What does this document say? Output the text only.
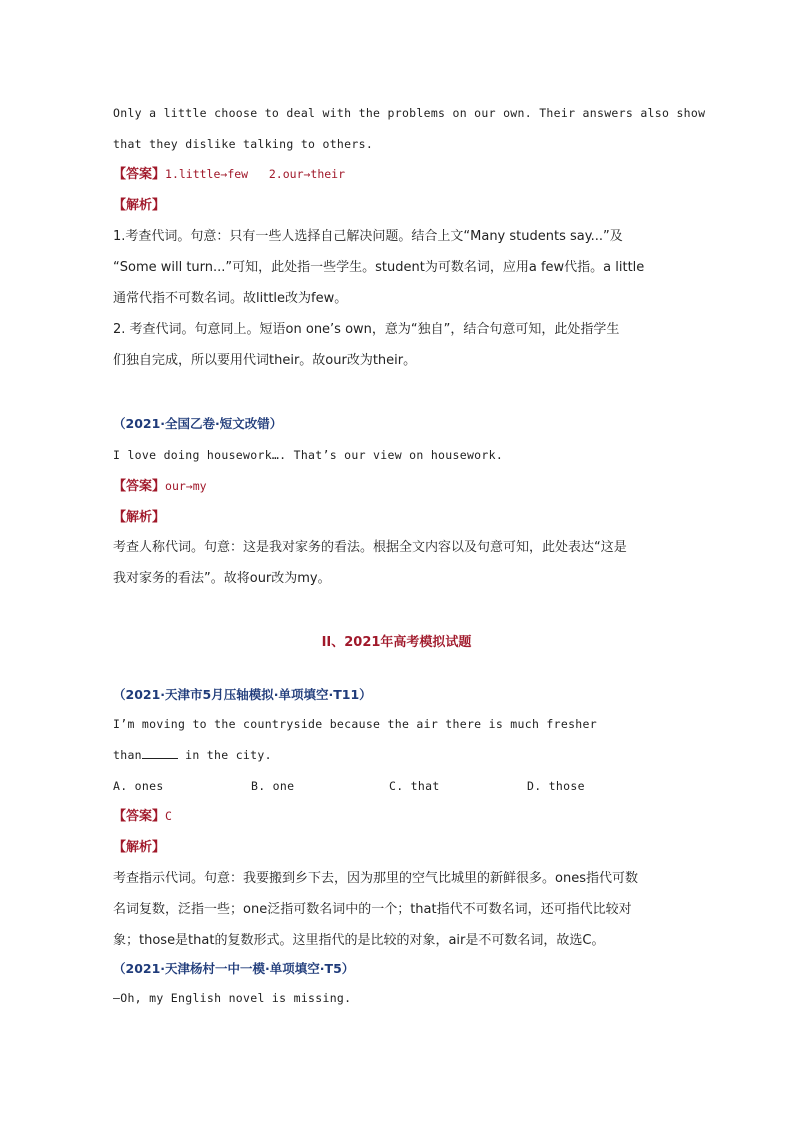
Only a little choose to deal with the problems on our own. Their answers also show
that they dislike talking to others.
【答案】1.little→few   2.our→their
【解析】
1.考查代词。句意：只有一些人选择自己解决问题。结合上文“Many students say...”及
“Some will turn...”可知，此处指一些学生。student为可数名词，应用a few代指。a little
通常代指不可数名词。故little改为few。
2. 考查代词。句意同上。短语on one’s own，意为“独自”，结合句意可知，此处指学生
们独自完成，所以要用代词their。故our改为their。
（2021·全国乙卷·短文改错）
I love doing housework…. That’s our view on housework.
【答案】our→my
【解析】
考查人称代词。句意：这是我对家务的看法。根据全文内容以及句意可知，此处表达“这是
我对家务的看法”。故将our改为my。
II、2021年高考模拟试题
（2021·天津市5月压轴模拟·单项填空·T11）
I’m moving to the countryside because the air there is much fresher
than	in the city.
A. ones	B. one	C. that	D. those
【答案】C
【解析】
考查指示代词。句意：我要搬到乡下去，因为那里的空气比城里的新鲜很多。ones指代可数
名词复数，泛指一些；one泛指可数名词中的一个；that指代不可数名词，还可指代比较对
象；those是that的复数形式。这里指代的是比较的对象，air是不可数名词，故选C。
（2021·天津杨村一中一模·单项填空·T5）
—Oh, my English novel is missing.
